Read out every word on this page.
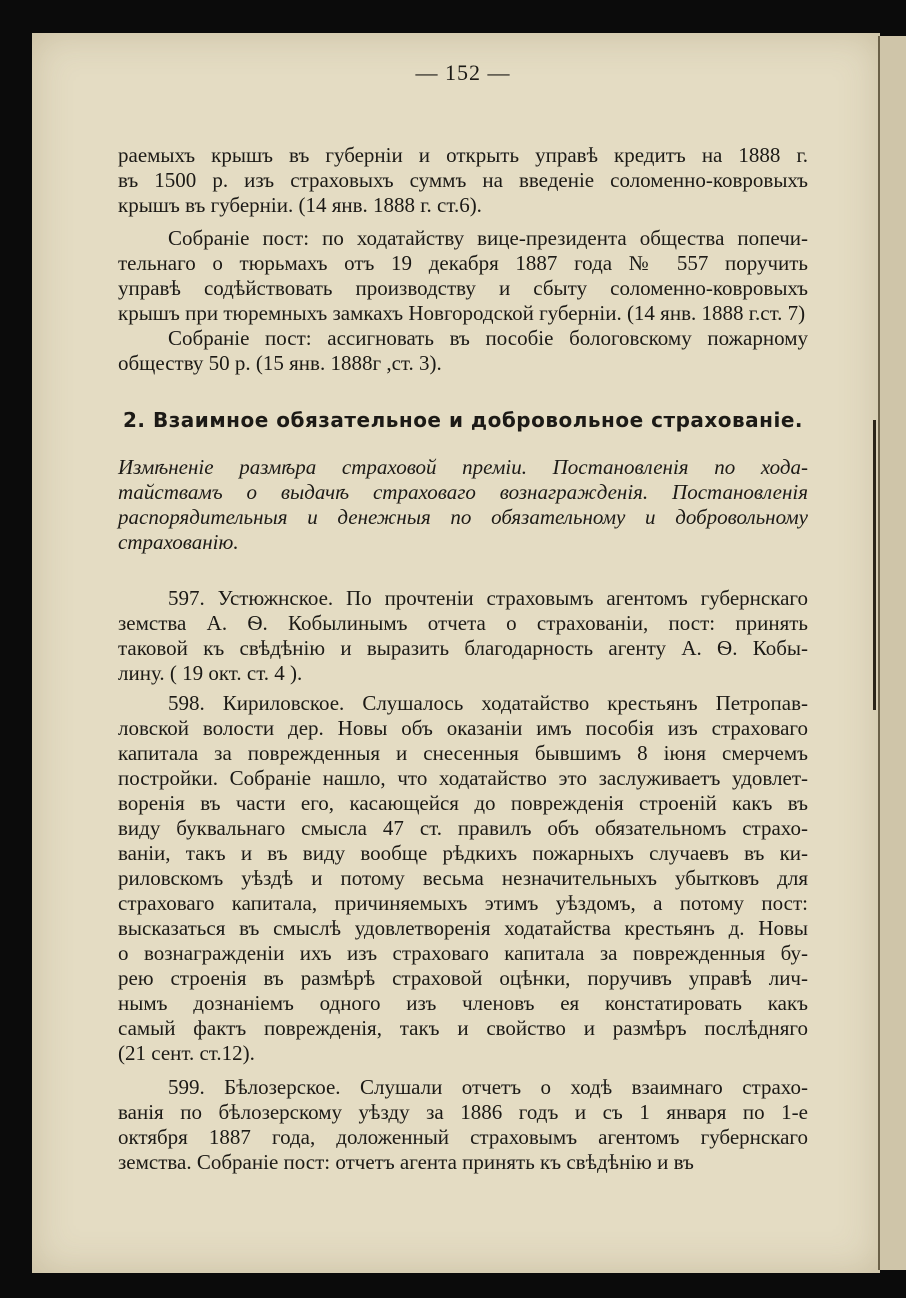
— 152 —
раемыхъ крышъ въ губерніи и открыть управѣ кредитъ на 1888 г.
въ 1500 р. изъ страховыхъ суммъ на введеніе соломенно-ковровыхъ
крышъ въ губерніи. (14 янв. 1888 г. ст.6).
Собраніе пост: по ходатайству вице-президента общества попечи-
тельнаго о тюрьмахъ отъ 19 декабря 1887 года № 557 поручить
управѣ содѣйствовать производству и сбыту соломенно-ковровыхъ
крышъ при тюремныхъ замкахъ Новгородской губерніи. (14 янв. 1888 г.ст. 7)
Собраніе пост: ассигновать въ пособіе бологовскому пожарному
обществу 50 р. (15 янв. 1888г ,ст. 3).
2. Взаимное обязательное и добровольное страхованіе.
Измѣненіе размѣра страховой преміи. Постановленія по ходa-
тайствамъ о выдачѣ страховаго вознагражденія. Постановленія
распорядительныя и денежныя по обязательному и добровольному
страхованію.
597. Устюжнское. По прочтеніи страховымъ агентомъ губернскаго
земства А. Ѳ. Кобылинымъ отчета о страхованіи, пост: принять
таковой къ свѣдѣнію и выразить благодарность агенту А. Ѳ. Кобы-
лину. ( 19 окт. ст. 4 ).
598. Кириловское. Слушалось ходатайство крестьянъ Петропав-
ловской волости дер. Новы объ оказаніи имъ пособія изъ страховаго
капитала за поврежденныя и снесенныя бывшимъ 8 іюня смерчемъ
постройки. Собраніе нашло, что ходатайство это заслуживаетъ удовлет-
воренія въ части его, касающейся до поврежденія строеній какъ въ
виду буквальнаго смысла 47 ст. правилъ объ обязательномъ страхо-
ваніи, такъ и въ виду вообще рѣдкихъ пожарныхъ случаевъ въ ки-
риловскомъ уѣздѣ и потому весьма незначительныхъ убытковъ для
страховаго капитала, причиняемыхъ этимъ уѣздомъ, а потому пост:
высказаться въ смыслѣ удовлетворенія ходатайства крестьянъ д. Новы
о вознагражденіи ихъ изъ страховаго капитала за поврежденныя бу-
рею строенія въ размѣрѣ страховой оцѣнки, поручивъ управѣ лич-
нымъ дознаніемъ одного изъ членовъ ея констатировать какъ
самый фактъ поврежденія, такъ и свойство и размѣръ послѣдняго
(21 сент. ст.12).
599. Бѣлозерское. Слушали отчетъ о ходѣ взаимнаго страхо-
ванія по бѣлозерскому уѣзду за 1886 годъ и съ 1 января по 1-е
октября 1887 года, доложенный страховымъ агентомъ губернскаго
земства. Собраніе пост: отчетъ агента принять къ свѣдѣнію и въ
